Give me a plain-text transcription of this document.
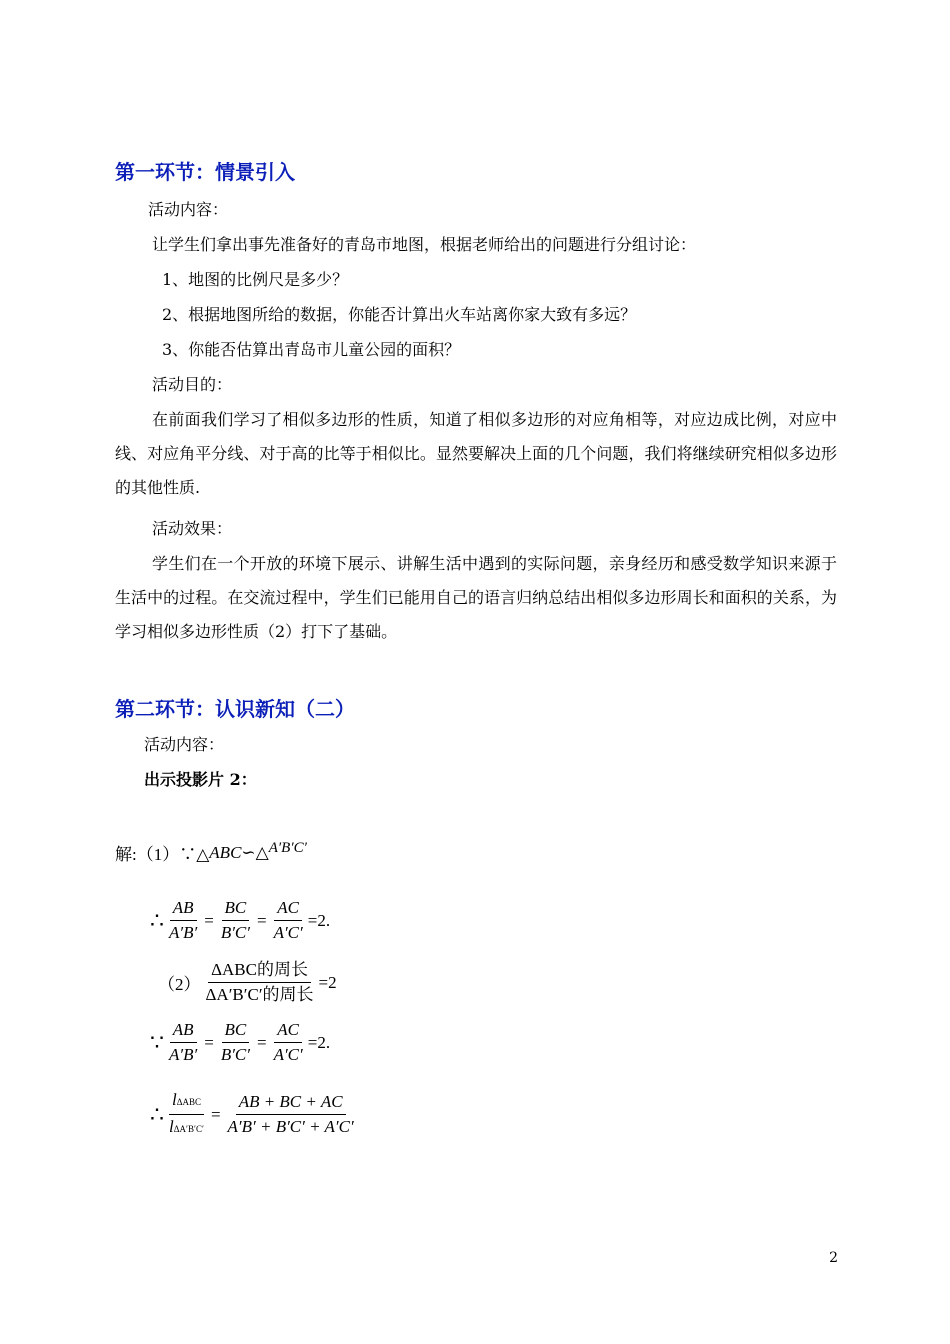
第一环节：情景引入
活动内容：
让学生们拿出事先准备好的青岛市地图，根据老师给出的问题进行分组讨论：
1、地图的比例尺是多少？
2、根据地图所给的数据，你能否计算出火车站离你家大致有多远？
3、你能否估算出青岛市儿童公园的面积？
活动目的：
在前面我们学习了相似多边形的性质，知道了相似多边形的对应角相等，对应边成比例，对应中线、对应角平分线、对于高的比等于相似比。显然要解决上面的几个问题，我们将继续研究相似多边形的其他性质.
活动效果：
学生们在一个开放的环境下展示、讲解生活中遇到的实际问题，亲身经历和感受数学知识来源于生活中的过程。在交流过程中，学生们已能用自己的语言归纳总结出相似多边形周长和面积的关系，为学习相似多边形性质（2）打下了基础。
第二环节：认识新知（二）
活动内容：
出示投影片 2：
解:（1）∵△ ABC ∽△ A′B′C′
∴ $\frac{AB}{A'B'} = \frac{BC}{B'C'} = \frac{AC}{A'C'} =2$.
$(2) \frac{\text{ΔABC的周长}}{\text{ΔA′B′C′的周长}} =2$
∵ $\frac{AB}{A'B'} = \frac{BC}{B'C'} = \frac{AC}{A'C'} =2$.
∴ $\frac{\text{lΔABC}}{\text{lΔA′B′C′}} = \frac{AB + BC + AC}{A'B' + B'C' + A'C'}$
2
